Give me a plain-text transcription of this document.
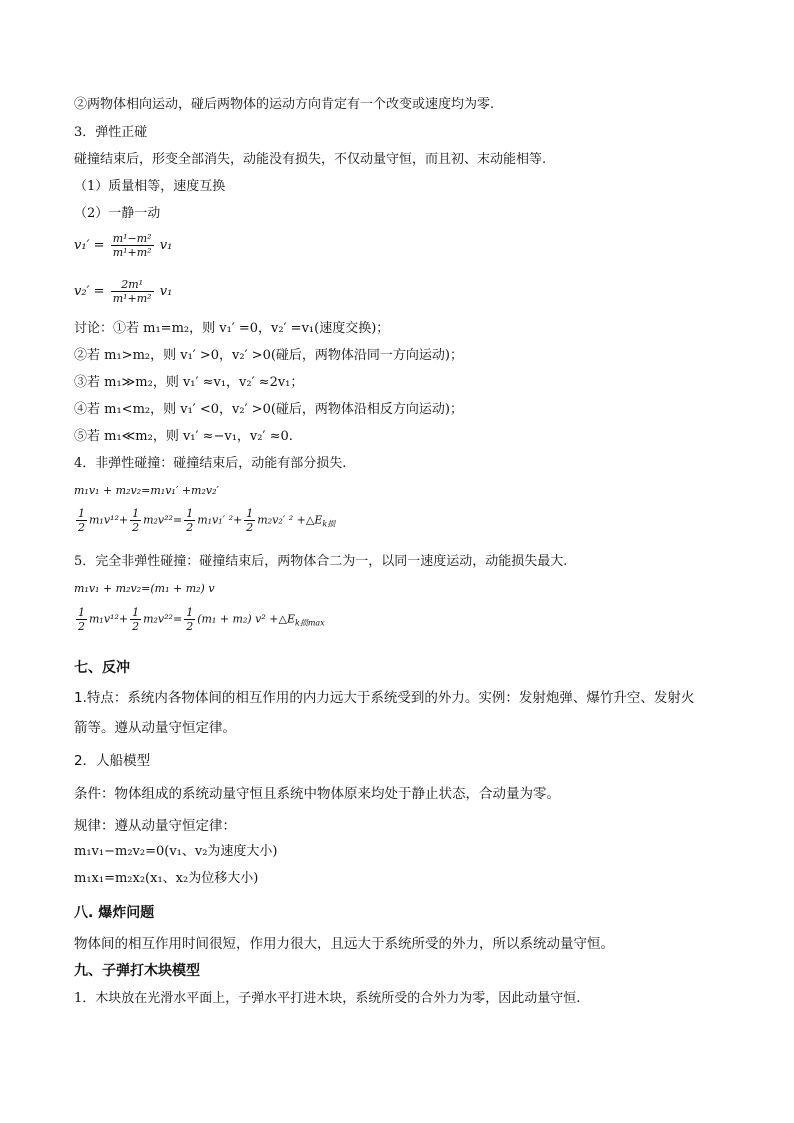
②两物体相向运动，碰后两物体的运动方向肯定有一个改变或速度均为零.
3．弹性正碰
碰撞结束后，形变全部消失，动能没有损失，不仅动量守恒，而且初、末动能相等.
（1）质量相等，速度互换
（2）一静一动
$v_1' = \frac{\text{m¹−m²}}{\text{m¹+m²}} v_1$
$v_2' = \frac{\text{2m¹}}{\text{m¹+m²}} v_1$
讨论：①若 m₁=m₂，则 v₁′ =0，v₂′ =v₁(速度交换)；
②若 m₁>m₂，则 v₁′ >0，v₂′ >0(碰后，两物体沿同一方向运动)；
③若 m₁≫m₂，则 v₁′ ≈v₁，v₂′ ≈2v₁；
④若 m₁<m₂，则 v₁′ <0，v₂′ >0(碰后，两物体沿相反方向运动)；
⑤若 m₁≪m₂，则 v₁′ ≈−v₁，v₂′ ≈0.
4．非弹性碰撞：碰撞结束后，动能有部分损失.
m₁v₁ + m₂v₂=m₁v₁′ +m₂v₂′
$\frac{1}{2} m_1v^{12}+ \frac{1}{2} m_2v^{22}= \frac{1}{2} m_1v_1'$ $^2+ \frac{1}{2} m_2v_2'$ $^2 +\triangle E_{k损}$
5．完全非弹性碰撞：碰撞结束后，两物体合二为一，以同一速度运动，动能损失最大.
m₁v₁ + m₂v₂=(m₁ + m₂) v
$\frac{1}{2} m_1v^{12}+ \frac{1}{2} m_2v^{22}= \frac{1}{2} (m_1 + m_2)$ $v^2 +\triangle E_{k损max}$
七、反冲
1.特点：系统内各物体间的相互作用的内力远大于系统受到的外力。实例：发射炮弹、爆竹升空、发射火
箭等。遵从动量守恒定律。
2．人船模型
条件：物体组成的系统动量守恒且系统中物体原来均处于静止状态，合动量为零。
规律：遵从动量守恒定律：
m₁v₁−m₂v₂=0(v₁、v₂为速度大小)
m₁x₁=m₂x₂(x₁、x₂为位移大小)
八. 爆炸问题
物体间的相互作用时间很短，作用力很大，且远大于系统所受的外力，所以系统动量守恒。
九、子弹打木块模型
1．木块放在光滑水平面上，子弹水平打进木块，系统所受的合外力为零，因此动量守恒.
